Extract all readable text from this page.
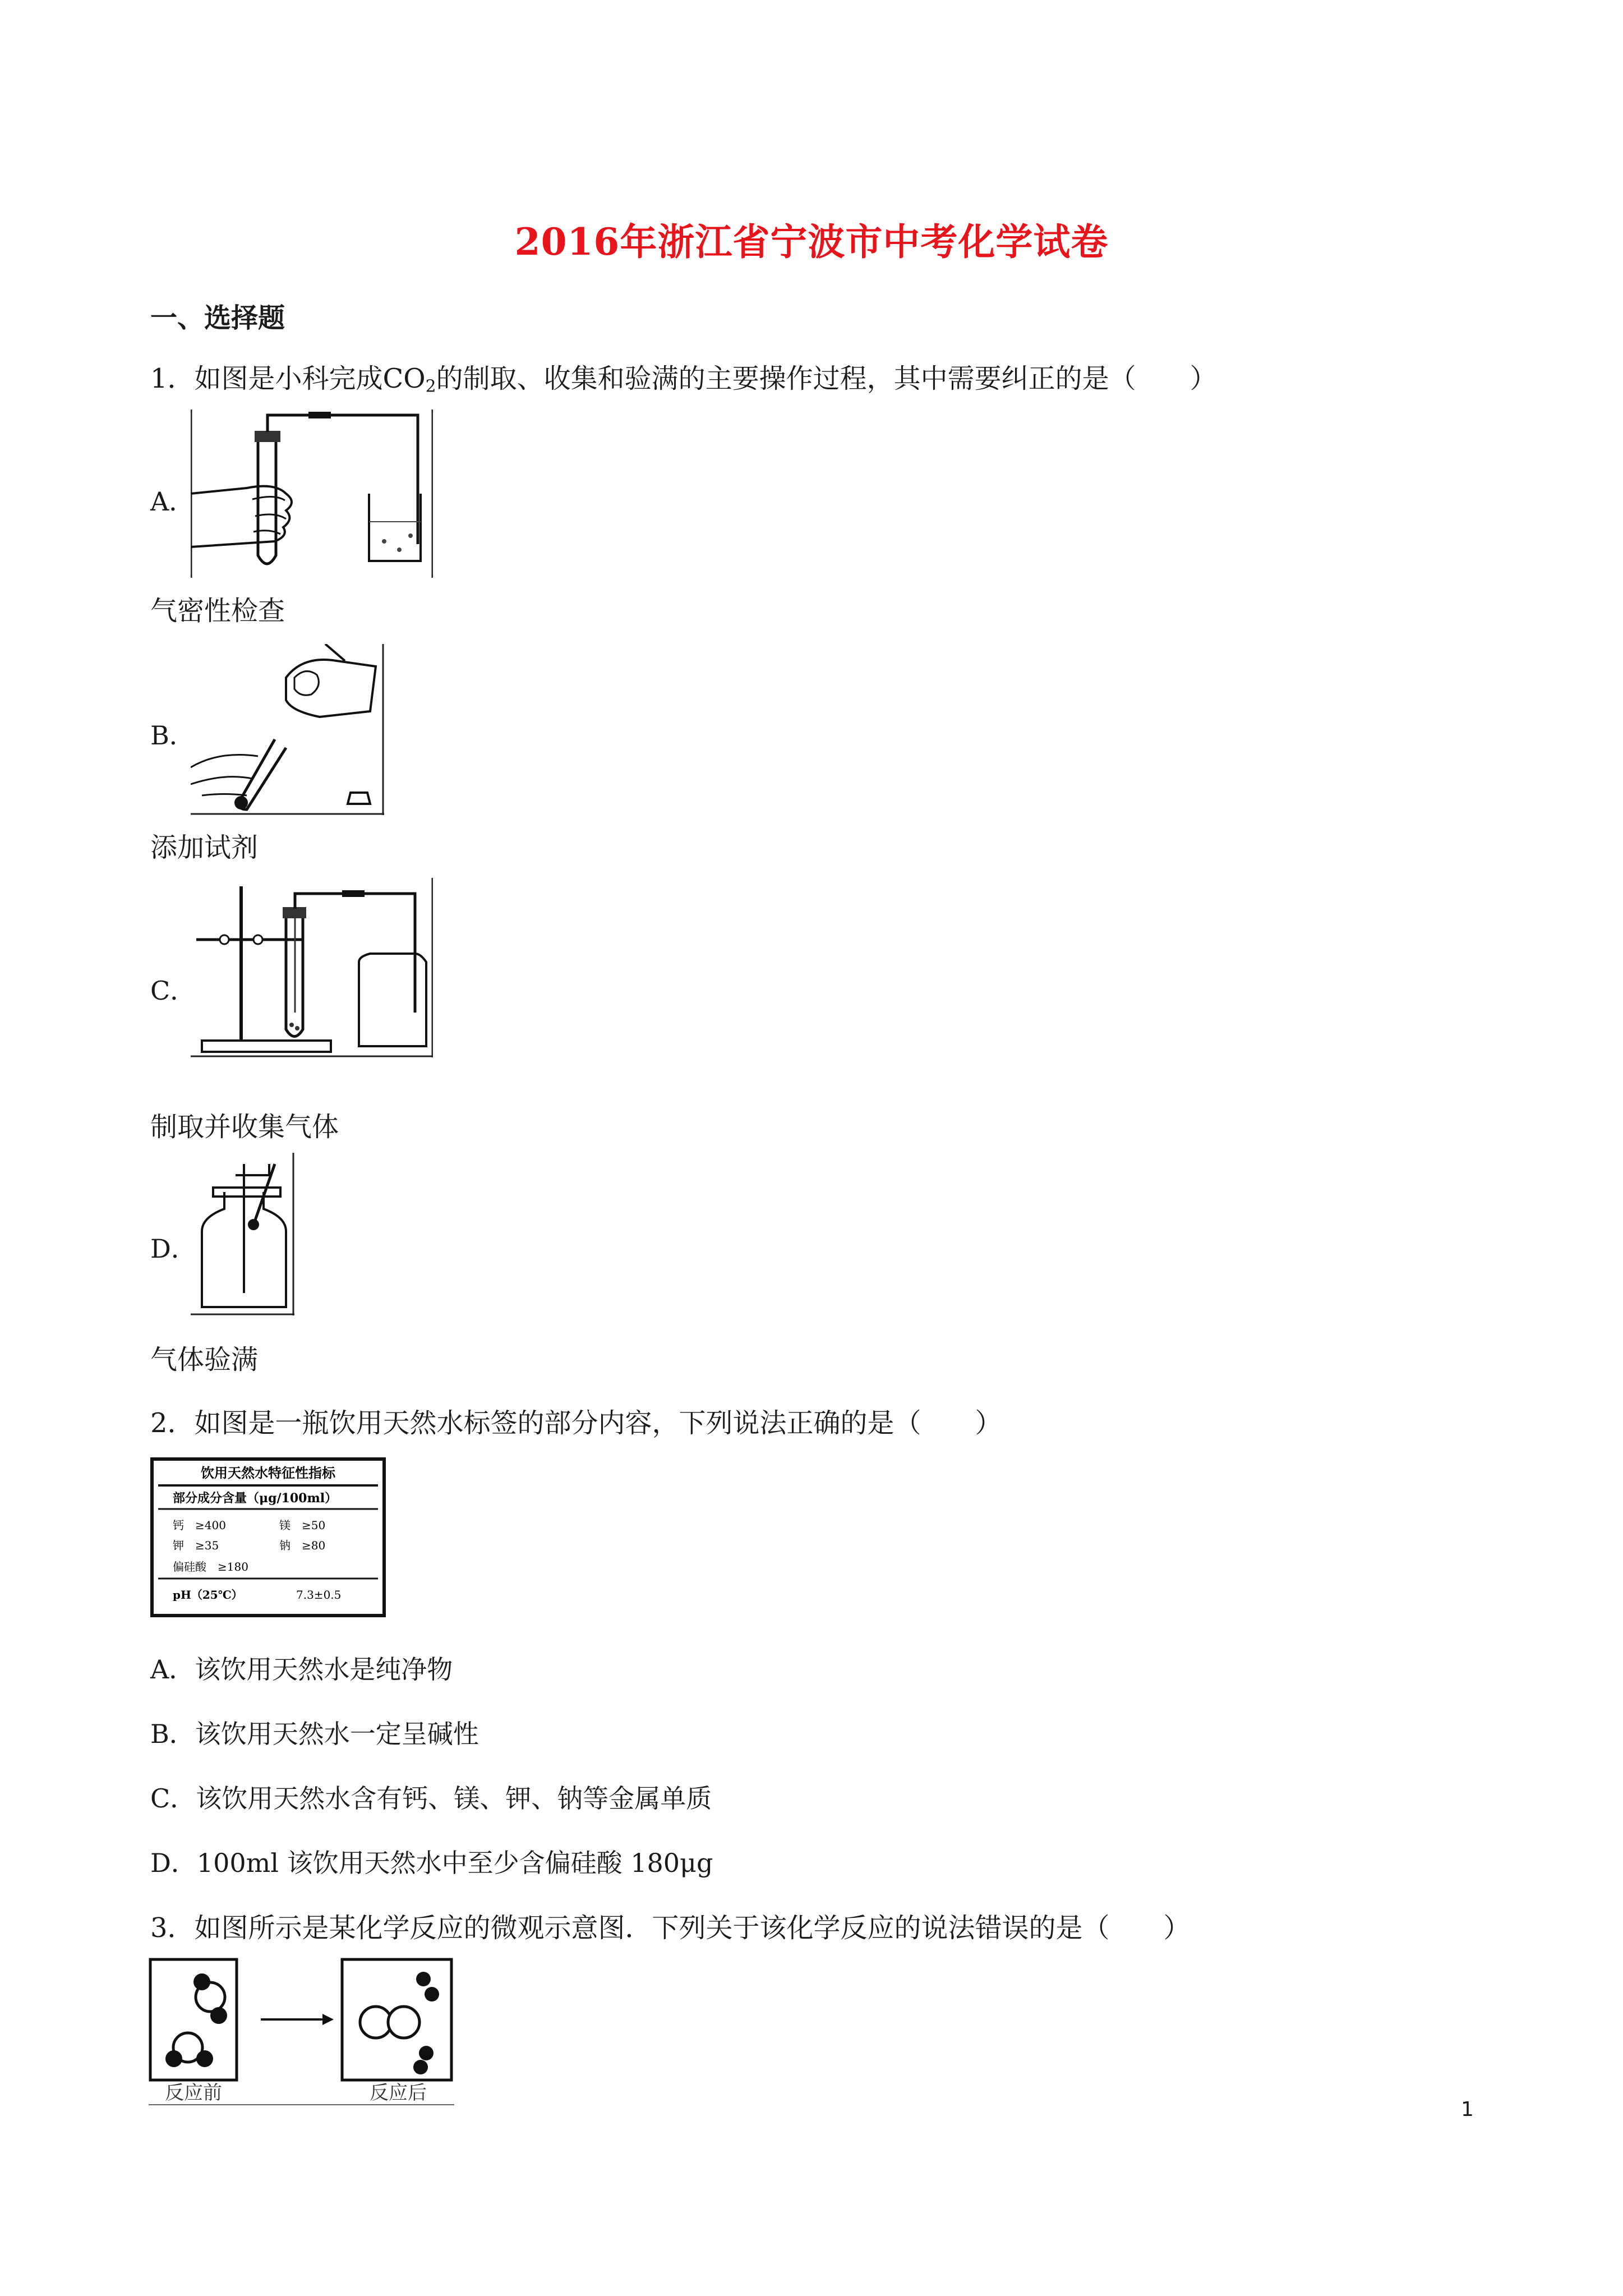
2016年浙江省宁波市中考化学试卷
一、选择题
1．如图是小科完成$CO_2$的制取、收集和验满的主要操作过程，其中需要纠正的是（　　）
A．
气密性检查
B．
添加试剂
C．
制取并收集气体
D．
气体验满
2．如图是一瓶饮用天然水标签的部分内容，下列说法正确的是（　　）
饮用天然水特征性指标
部分成分含量（μg/100ml）
钙　≥400	镁　≥50
钾　≥35	钠　≥80
偏硅酸　≥180
pH（25℃）	7.3±0.5
A．该饮用天然水是纯净物
B．该饮用天然水一定呈碱性
C．该饮用天然水含有钙、镁、钾、钠等金属单质
D．100ml 该饮用天然水中至少含偏硅酸 180μg
3．如图所示是某化学反应的微观示意图．下列关于该化学反应的说法错误的是（　　）
反应前	反应后
1
